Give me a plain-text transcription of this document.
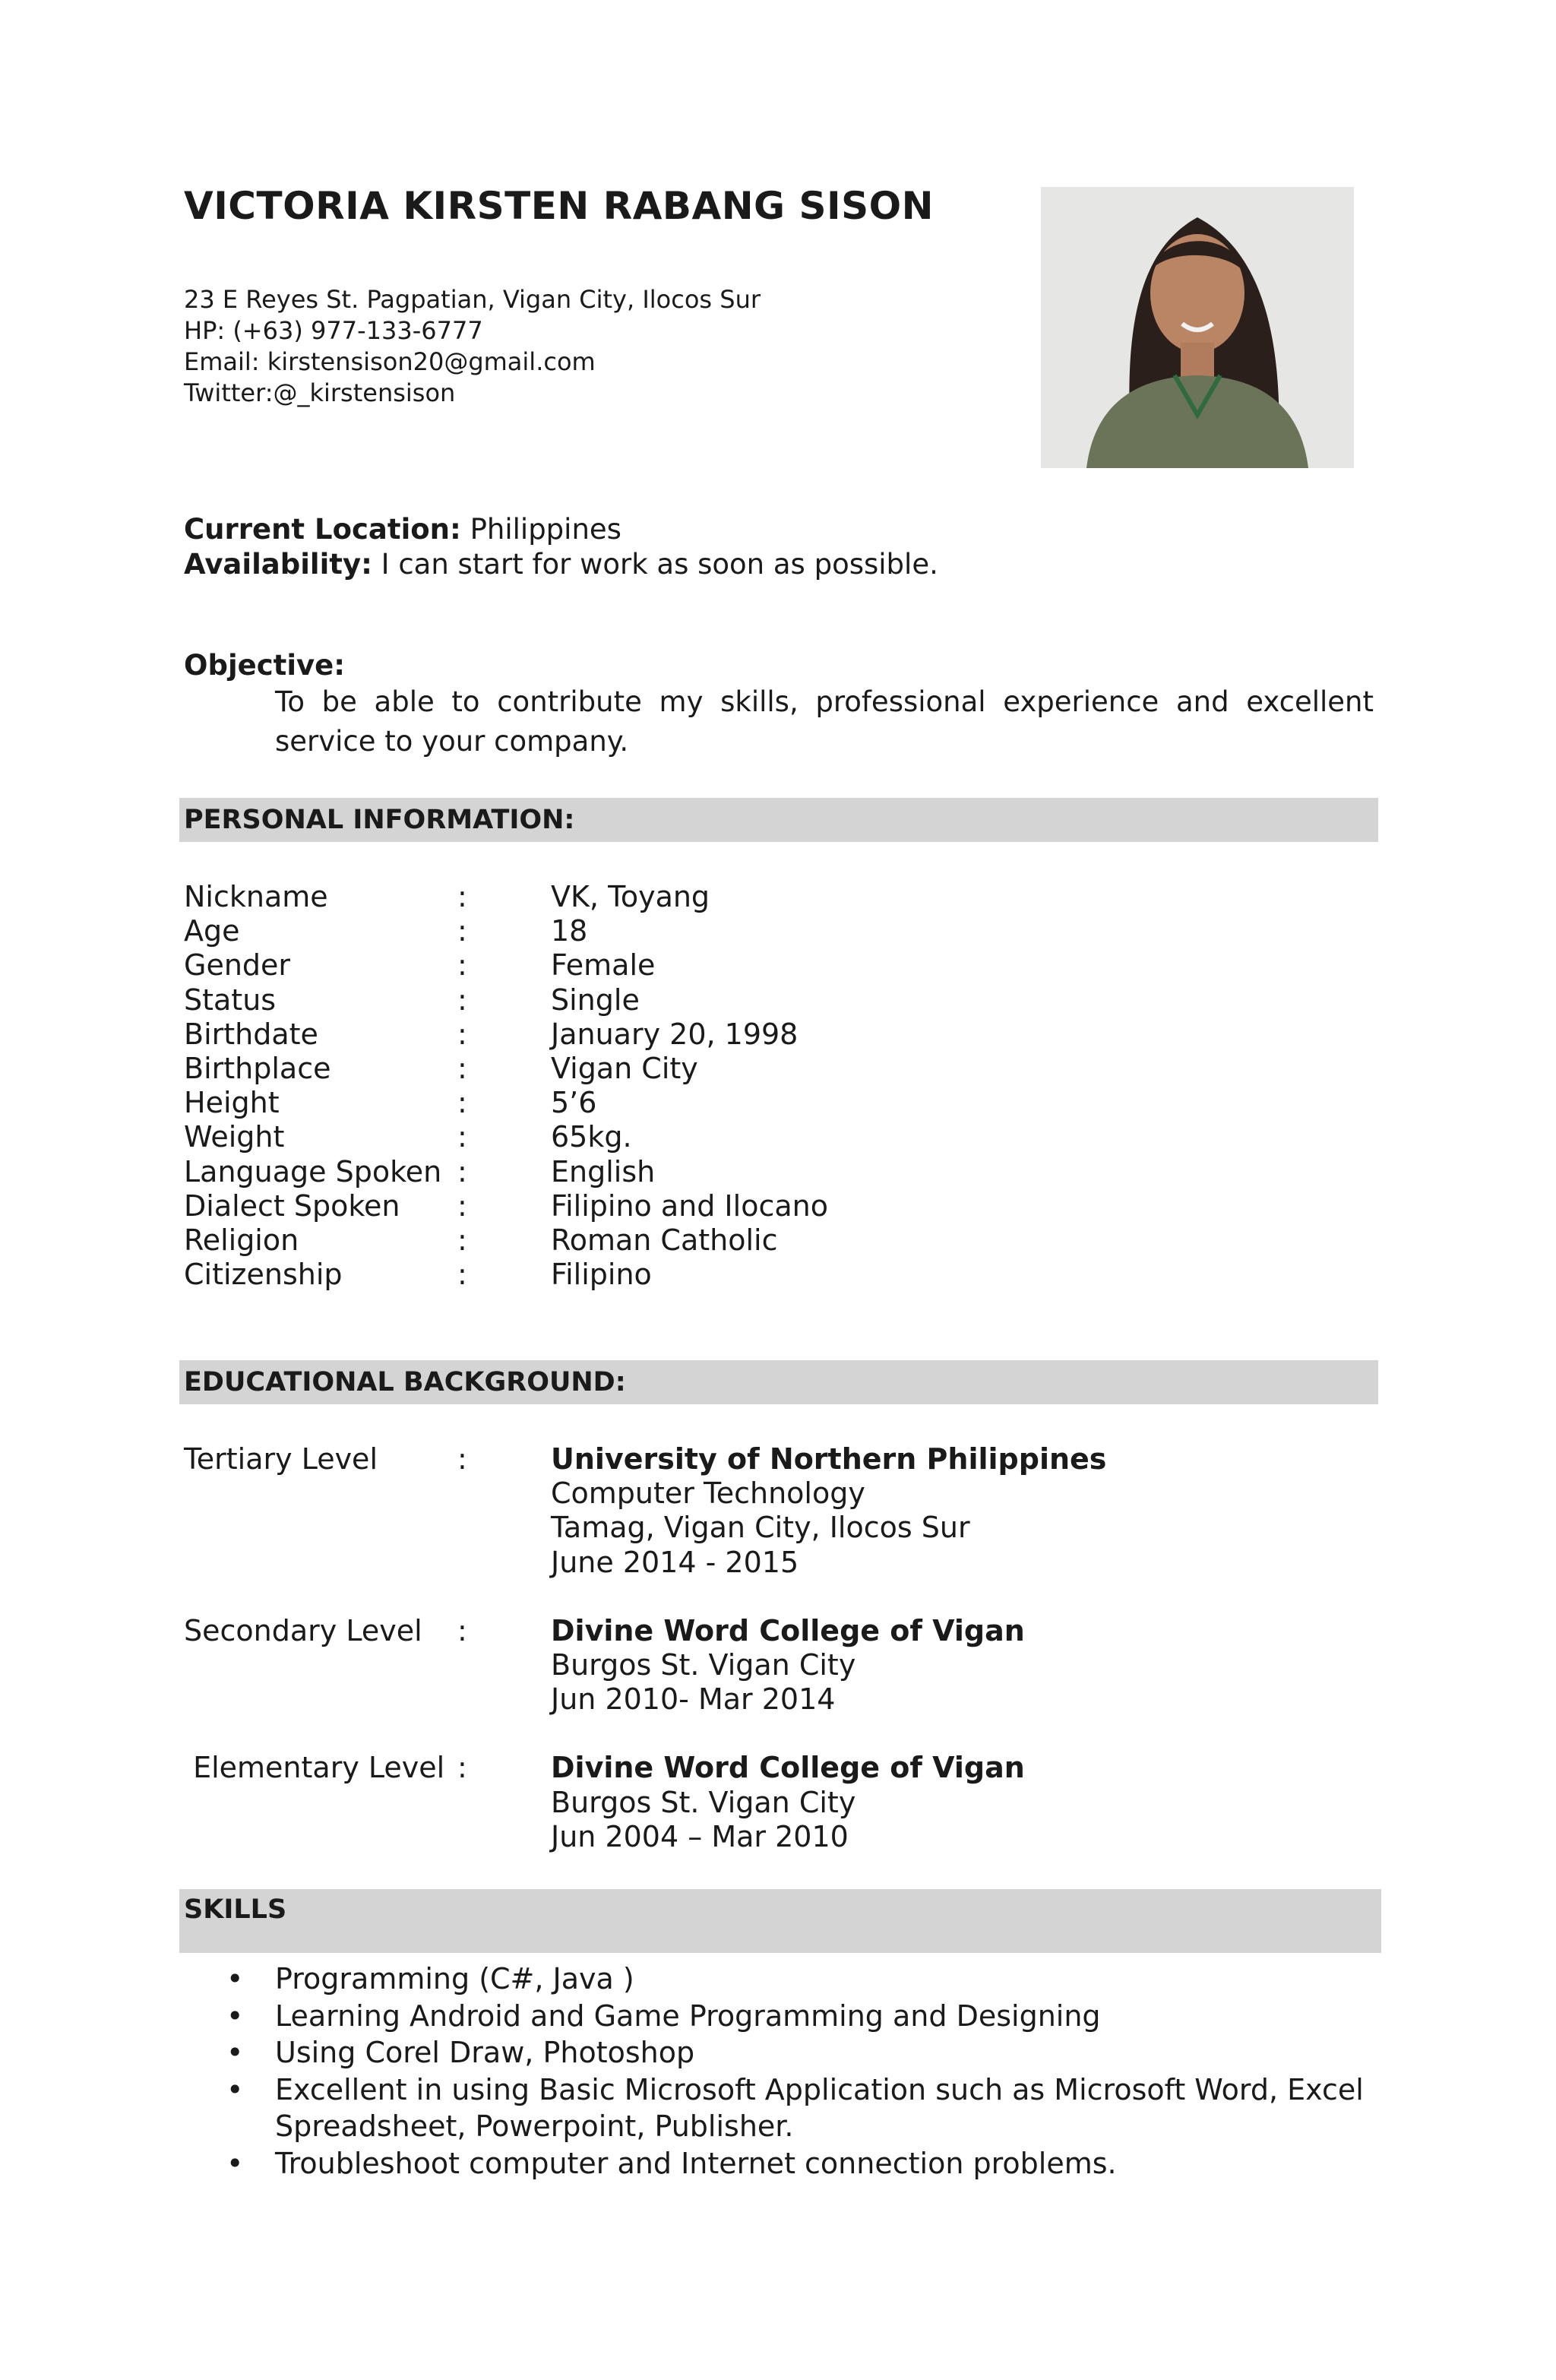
VICTORIA KIRSTEN RABANG SISON
23 E Reyes St. Pagpatian, Vigan City, Ilocos Sur
HP: (+63) 977-133-6777
Email: kirstensison20@gmail.com
Twitter:@_kirstensison
Current Location: Philippines
Availability: I can start for work as soon as possible.
Objective:

To be able to contribute my skills, professional experience and excellent service to your company.

PERSONAL INFORMATION:
Nickname	:	VK, Toyang
Age	:	18
Gender	:	Female
Status	:	Single
Birthdate	:	January 20, 1998
Birthplace	:	Vigan City
Height	:	5’6
Weight	:	65kg.
Language Spoken :	English
Dialect Spoken	:	Filipino and Ilocano
Religion	:	Roman Catholic
Citizenship	:	Filipino
EDUCATIONAL BACKGROUND:
Tertiary Level	:	University of Northern Philippines
Computer Technology
Tamag, Vigan City, Ilocos Sur
June 2014 - 2015
Secondary Level	:	Divine Word College of Vigan
Burgos St. Vigan City
Jun 2010- Mar 2014
Elementary Level :	Divine Word College of Vigan
Burgos St. Vigan City
Jun 2004 – Mar 2010
SKILLS
•	Programming (C#, Java )
•	Learning Android and Game Programming and Designing
•	Using Corel Draw, Photoshop
•	Excellent in using Basic Microsoft Application such as Microsoft Word, Excel Spreadsheet, Powerpoint, Publisher.
•	Troubleshoot computer and Internet connection problems.
